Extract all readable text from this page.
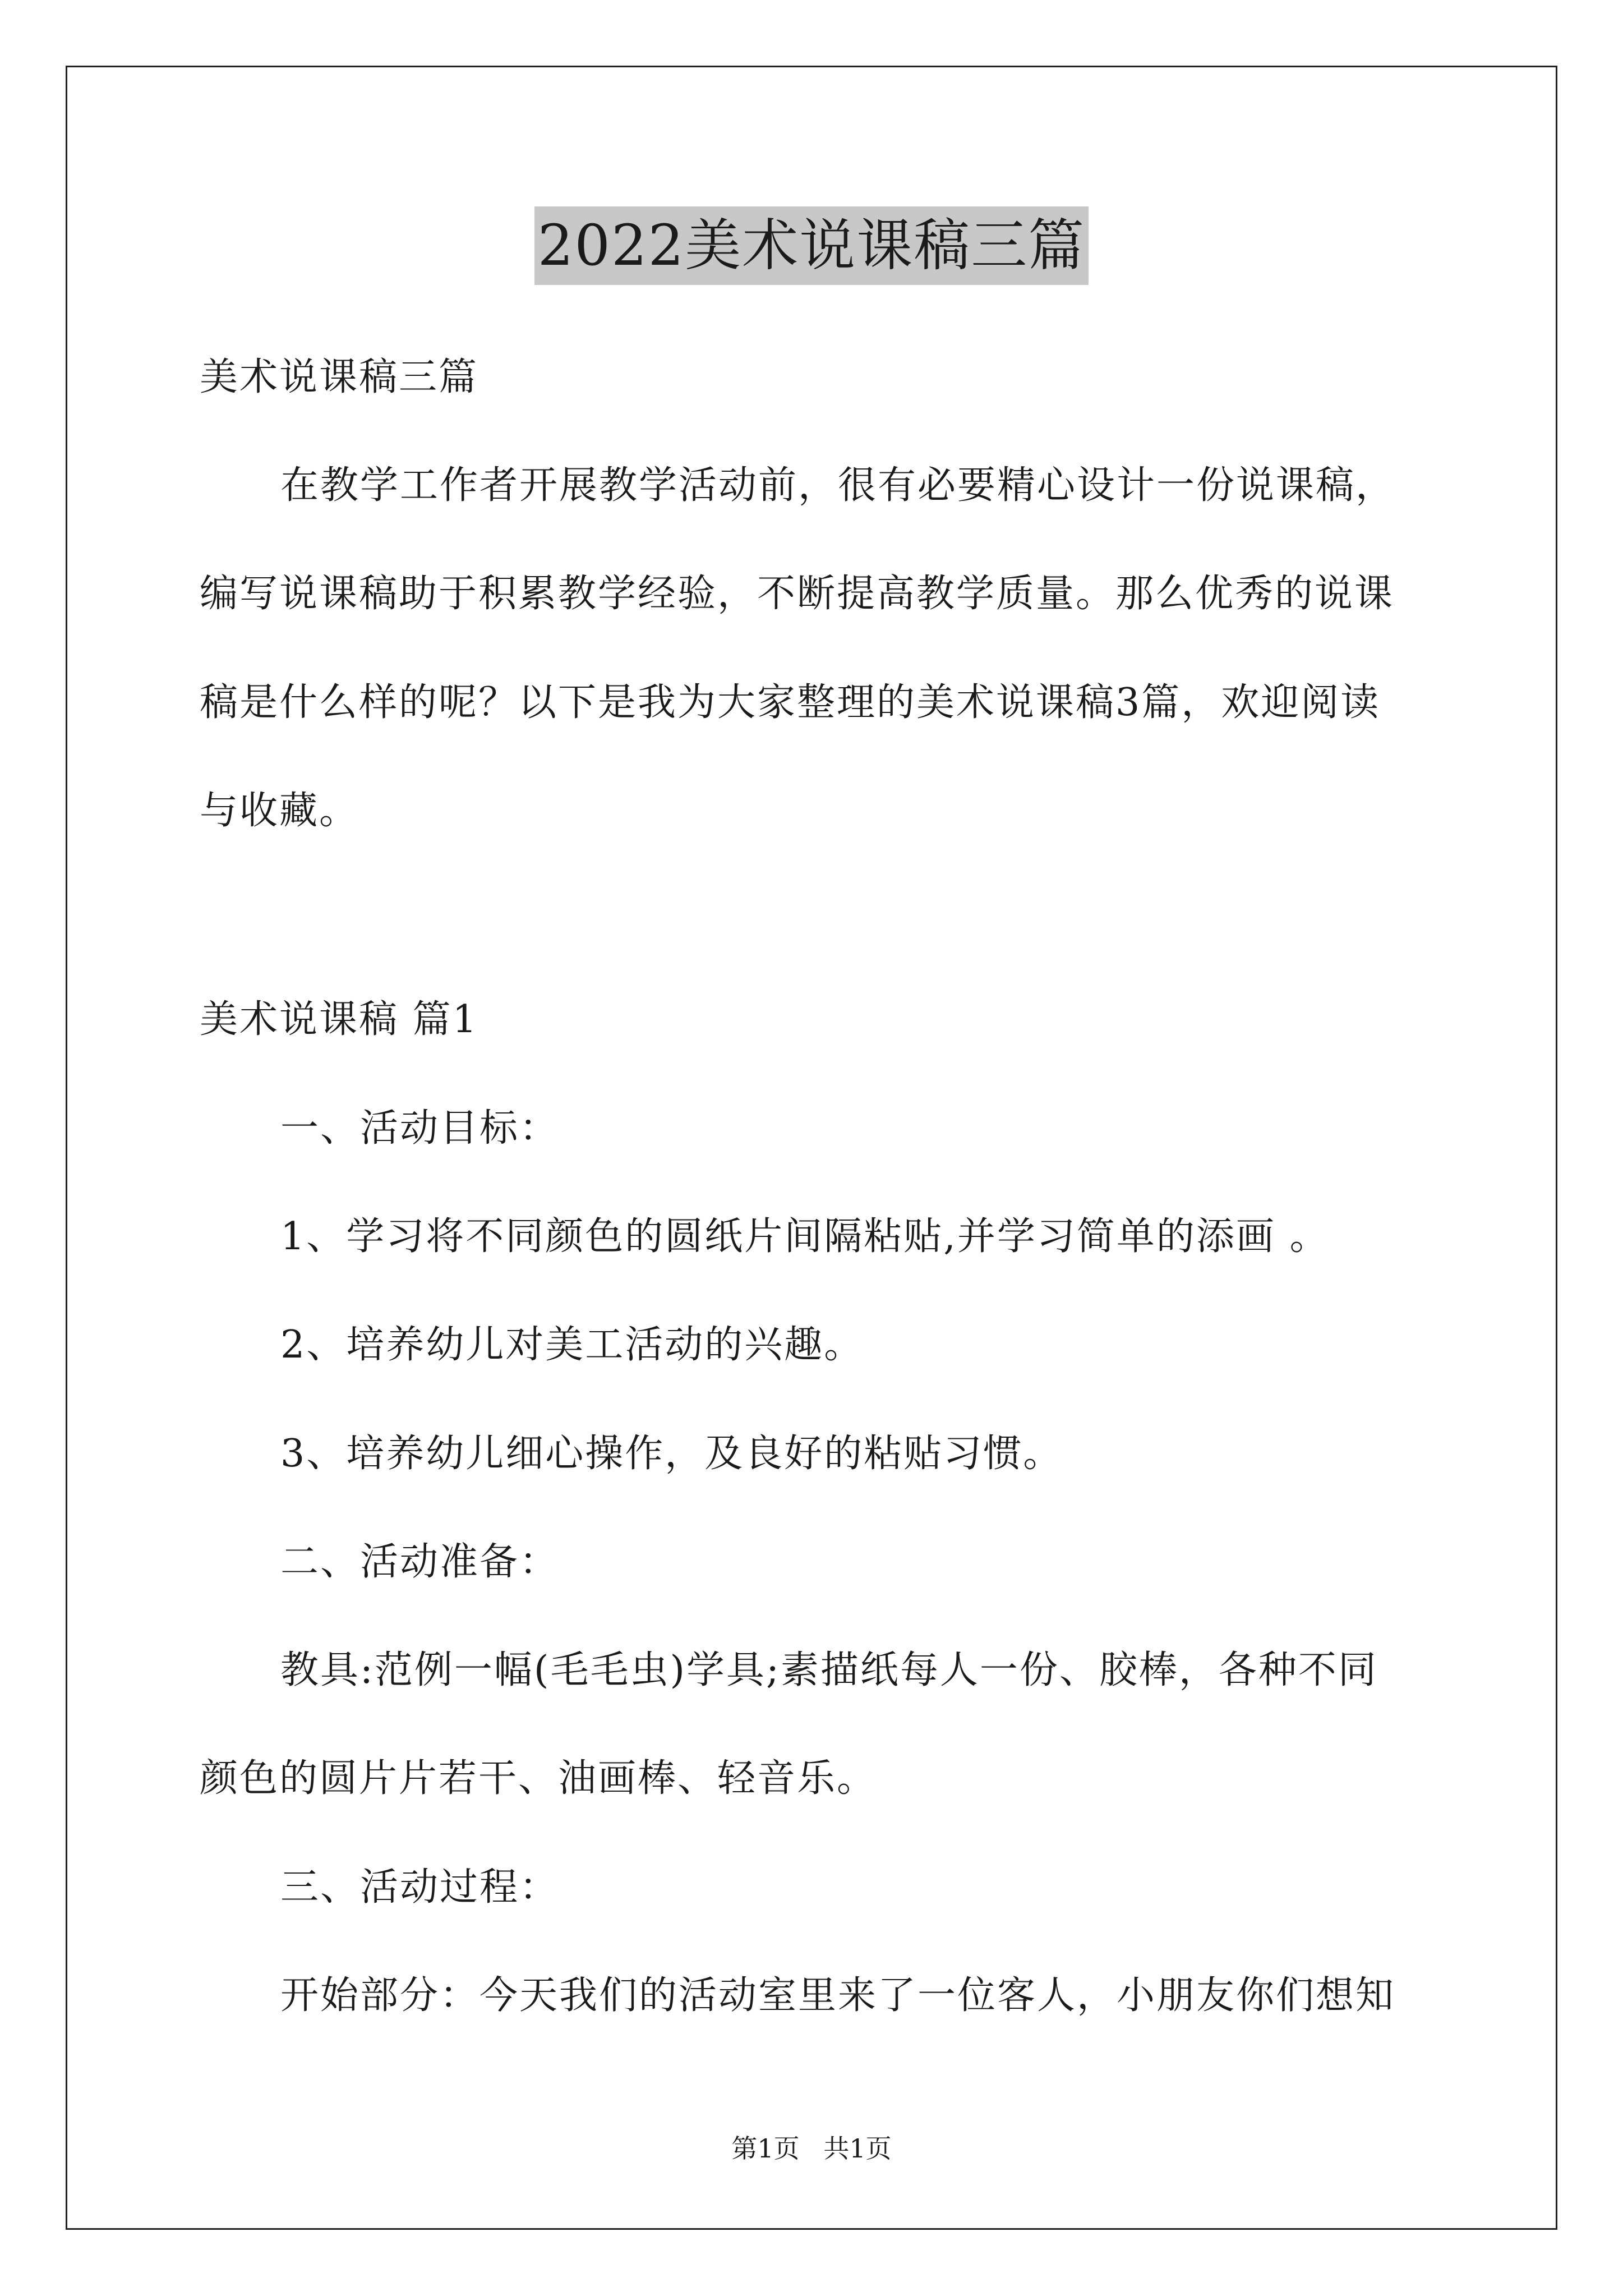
2022美术说课稿三篇

美术说课稿三篇

在教学工作者开展教学活动前，很有必要精心设计一份说课稿，

编写说课稿助于积累教学经验，不断提高教学质量。那么优秀的说课

稿是什么样的呢？以下是我为大家整理的美术说课稿3篇，欢迎阅读

与收藏。

美术说课稿 篇1

一、活动目标：

1、学习将不同颜色的圆纸片间隔粘贴,并学习简单的添画 。

2、培养幼儿对美工活动的兴趣。

3、培养幼儿细心操作，及良好的粘贴习惯。

二、活动准备：

教具:范例一幅(毛毛虫)学具;素描纸每人一份、胶棒，各种不同

颜色的圆片片若干、油画棒、轻音乐。

三、活动过程：

开始部分：今天我们的活动室里来了一位客人，小朋友你们想知

第1页 共1页
